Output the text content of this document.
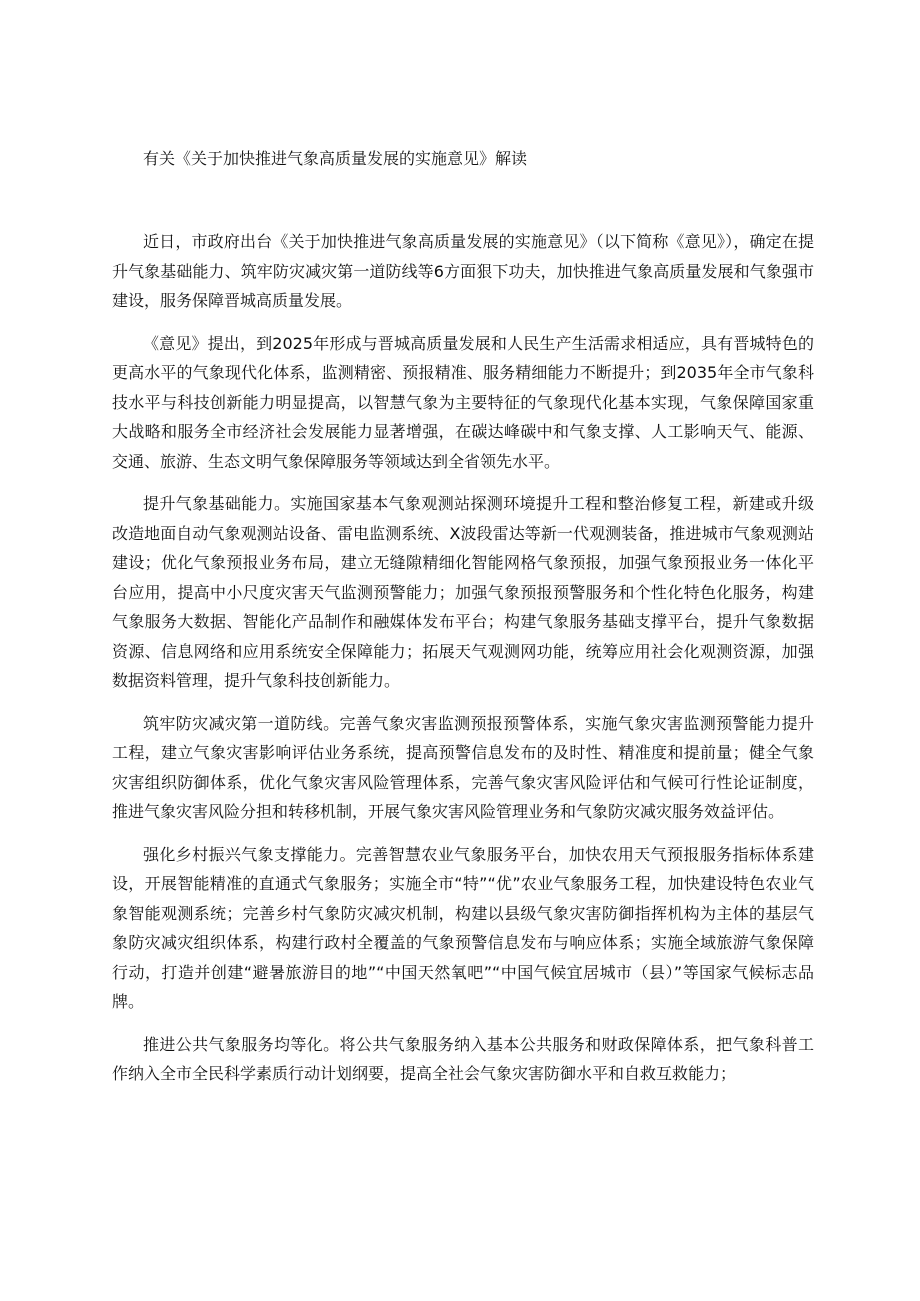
有关《关于加快推进气象高质量发展的实施意见》解读

近日，市政府出台《关于加快推进气象高质量发展的实施意见》（以下简称《意见》），确定在提升气象基础能力、筑牢防灾减灾第一道防线等6方面狠下功夫，加快推进气象高质量发展和气象强市建设，服务保障晋城高质量发展。

《意见》提出，到2025年形成与晋城高质量发展和人民生产生活需求相适应，具有晋城特色的更高水平的气象现代化体系，监测精密、预报精准、服务精细能力不断提升；到2035年全市气象科技水平与科技创新能力明显提高，以智慧气象为主要特征的气象现代化基本实现，气象保障国家重大战略和服务全市经济社会发展能力显著增强，在碳达峰碳中和气象支撑、人工影响天气、能源、交通、旅游、生态文明气象保障服务等领域达到全省领先水平。

提升气象基础能力。实施国家基本气象观测站探测环境提升工程和整治修复工程，新建或升级改造地面自动气象观测站设备、雷电监测系统、X波段雷达等新一代观测装备，推进城市气象观测站建设；优化气象预报业务布局，建立无缝隙精细化智能网格气象预报，加强气象预报业务一体化平台应用，提高中小尺度灾害天气监测预警能力；加强气象预报预警服务和个性化特色化服务，构建气象服务大数据、智能化产品制作和融媒体发布平台；构建气象服务基础支撑平台，提升气象数据资源、信息网络和应用系统安全保障能力；拓展天气观测网功能，统筹应用社会化观测资源，加强数据资料管理，提升气象科技创新能力。

筑牢防灾减灾第一道防线。完善气象灾害监测预报预警体系，实施气象灾害监测预警能力提升工程，建立气象灾害影响评估业务系统，提高预警信息发布的及时性、精准度和提前量；健全气象灾害组织防御体系，优化气象灾害风险管理体系，完善气象灾害风险评估和气候可行性论证制度，推进气象灾害风险分担和转移机制，开展气象灾害风险管理业务和气象防灾减灾服务效益评估。

强化乡村振兴气象支撑能力。完善智慧农业气象服务平台，加快农用天气预报服务指标体系建设，开展智能精准的直通式气象服务；实施全市“特”“优”农业气象服务工程，加快建设特色农业气象智能观测系统；完善乡村气象防灾减灾机制，构建以县级气象灾害防御指挥机构为主体的基层气象防灾减灾组织体系，构建行政村全覆盖的气象预警信息发布与响应体系；实施全域旅游气象保障行动，打造并创建“避暑旅游目的地”“中国天然氧吧”“中国气候宜居城市（县）”等国家气候标志品牌。

推进公共气象服务均等化。将公共气象服务纳入基本公共服务和财政保障体系，把气象科普工作纳入全市全民科学素质行动计划纲要，提高全社会气象灾害防御水平和自救互救能力；
